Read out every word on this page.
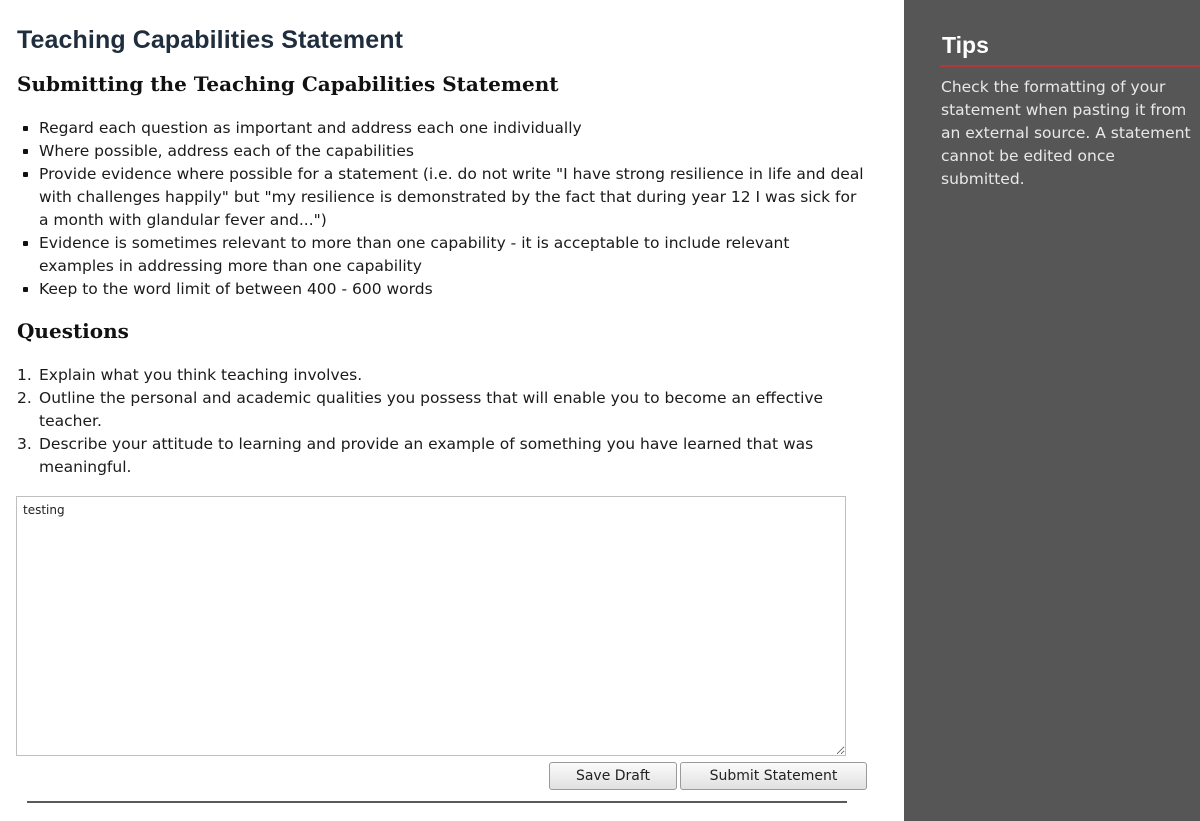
Teaching Capabilities Statement
Submitting the Teaching Capabilities Statement
Regard each question as important and address each one individually
Where possible, address each of the capabilities
Provide evidence where possible for a statement (i.e. do not write "I have strong resilience in life and deal with challenges happily" but "my resilience is demonstrated by the fact that during year 12 I was sick for a month with glandular fever and...")
Evidence is sometimes relevant to more than one capability - it is acceptable to include relevant examples in addressing more than one capability
Keep to the word limit of between 400 - 600 words
Questions
1. Explain what you think teaching involves.
2. Outline the personal and academic qualities you possess that will enable you to become an effective teacher.
3. Describe your attitude to learning and provide an example of something you have learned that was meaningful.
testing
Save Draft	Submit Statement
Tips

Check the formatting of your statement when pasting it from an external source. A statement cannot be edited once submitted.
